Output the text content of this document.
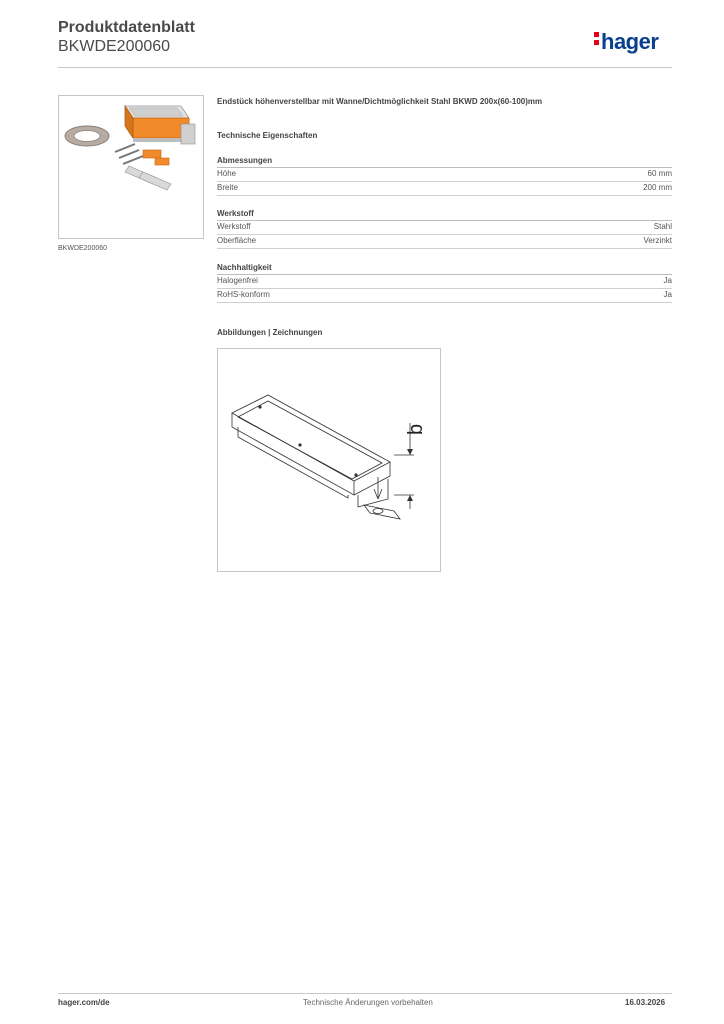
Produktdatenblatt
BKWDE200060	hager
BKWDE200060
Endstück höhenverstellbar mit Wanne/Dichtmöglichkeit Stahl BKWD 200x(60-100)mm
Technische Eigenschaften
Abmessungen
Höhe	60 mm
Breite	200 mm
Werkstoff
Werkstoff	Stahl
Oberfläche	Verzinkt
Nachhaltigkeit
Halogenfrei	Ja
RoHS-konform	Ja
Abbildungen | Zeichnungen
b
hager.com/de	Technische Änderungen vorbehalten	16.03.2026
